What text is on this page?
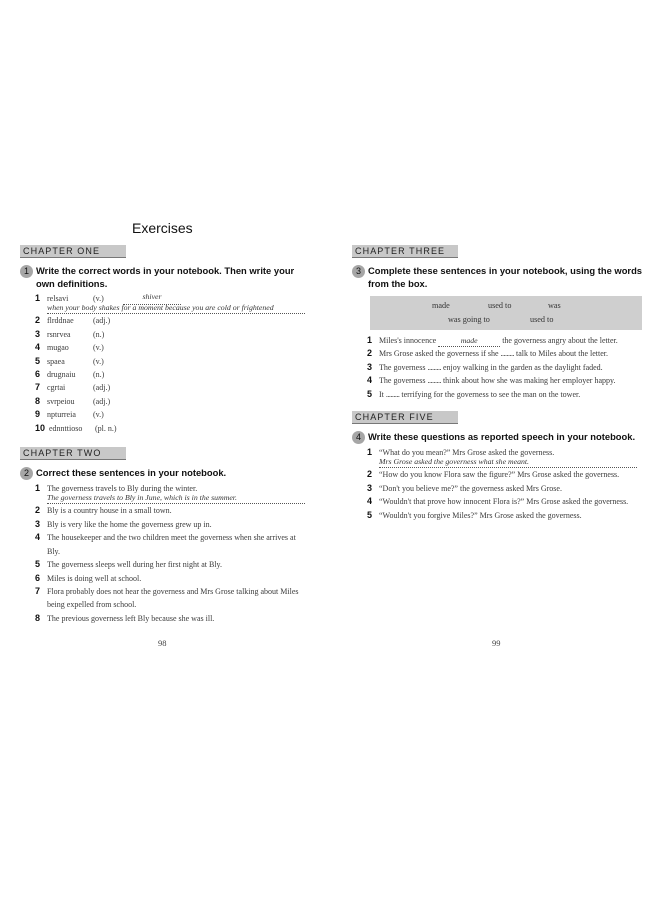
Exercises
CHAPTER ONE
1 Write the correct words in your notebook. Then write your own definitions.
1 relsavi	(v.)	shiver
when your body shakes for a moment because you are cold or frightened
2 flrddnae	(adj.)
3 rsnrvea	(n.)
4 mugao	(v.)
5 spaea	(v.)
6 drugnaiu	(n.)
7 cgrtai	(adj.)
8 svrpeiou	(adj.)
9 npturreia	(v.)
10 ednnttioso	(pl. n.)
CHAPTER TWO
2 Correct these sentences in your notebook.
1 The governess travels to Bly during the winter.
The governess travels to Bly in June, which is in the summer.
2 Bly is a country house in a small town.
3 Bly is very like the home the governess grew up in.
4 The housekeeper and the two children meet the governess when she arrives at Bly.
5 The governess sleeps well during her first night at Bly.
6 Miles is doing well at school.
7 Flora probably does not hear the governess and Mrs Grose talking about Miles being expelled from school.
8 The previous governess left Bly because she was ill.
CHAPTER THREE
3 Complete these sentences in your notebook, using the words from the box.
made	used to	was
was going to	used to
1 Miles's innocence	made	the governess angry about the letter.
2 Mrs Grose asked the governess if she ......... talk to Miles about the letter.
3 The governess ......... enjoy walking in the garden as the daylight faded.
4 The governess ......... think about how she was making her employer happy.
5 It ......... terrifying for the governess to see the man on the tower.
CHAPTER FIVE
4 Write these questions as reported speech in your notebook.
1 “What do you mean?” Mrs Grose asked the governess.
Mrs Grose asked the governess what she meant.
2 “How do you know Flora saw the figure?” Mrs Grose asked the governess.
3 “Don't you believe me?” the governess asked Mrs Grose.
4 “Wouldn't that prove how innocent Flora is?” Mrs Grose asked the governess.
5 “Wouldn't you forgive Miles?” Mrs Grose asked the governess.
98	99
